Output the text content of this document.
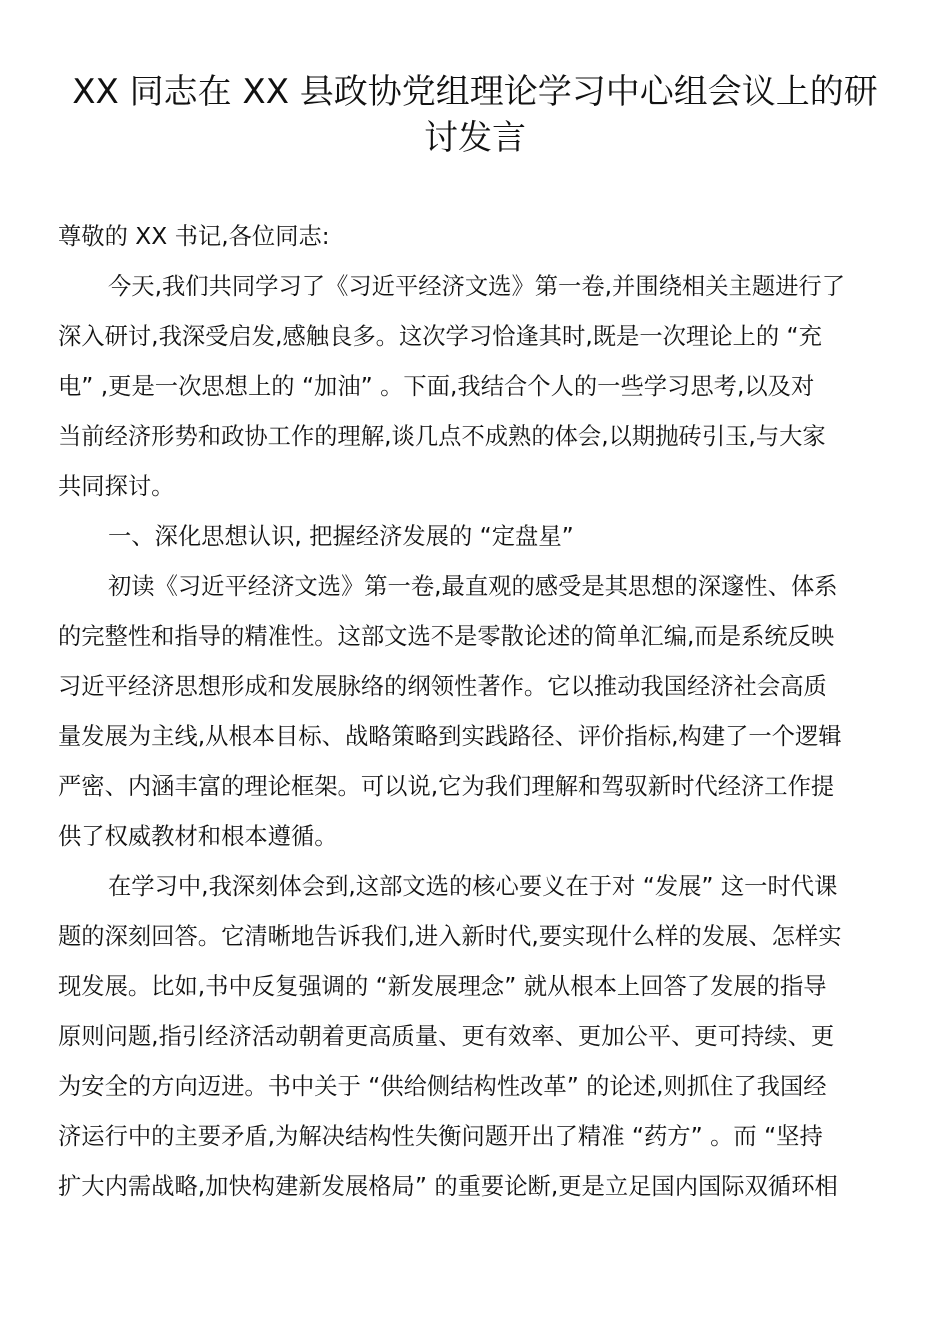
XX 同志在 XX 县政协党组理论学习中心组会议上的研
讨发言

尊敬的 XX 书记,各位同志:

今天,我们共同学习了《习近平经济文选》第一卷,并围绕相关主题进行了

深入研讨,我深受启发,感触良多。这次学习恰逢其时,既是一次理论上的 “充

电” ,更是一次思想上的 “加油” 。下面,我结合个人的一些学习思考,以及对

当前经济形势和政协工作的理解,谈几点不成熟的体会,以期抛砖引玉,与大家

共同探讨。

一、深化思想认识, 把握经济发展的 “定盘星”

初读《习近平经济文选》第一卷,最直观的感受是其思想的深邃性、体系

的完整性和指导的精准性。这部文选不是零散论述的简单汇编,而是系统反映

习近平经济思想形成和发展脉络的纲领性著作。它以推动我国经济社会高质

量发展为主线,从根本目标、战略策略到实践路径、评价指标,构建了一个逻辑

严密、内涵丰富的理论框架。可以说,它为我们理解和驾驭新时代经济工作提

供了权威教材和根本遵循。

在学习中,我深刻体会到,这部文选的核心要义在于对 “发展” 这一时代课

题的深刻回答。它清晰地告诉我们,进入新时代,要实现什么样的发展、怎样实

现发展。比如,书中反复强调的 “新发展理念” 就从根本上回答了发展的指导

原则问题,指引经济活动朝着更高质量、更有效率、更加公平、更可持续、更

为安全的方向迈进。书中关于 “供给侧结构性改革” 的论述,则抓住了我国经

济运行中的主要矛盾,为解决结构性失衡问题开出了精准 “药方” 。而 “坚持

扩大内需战略,加快构建新发展格局” 的重要论断,更是立足国内国际双循环相
